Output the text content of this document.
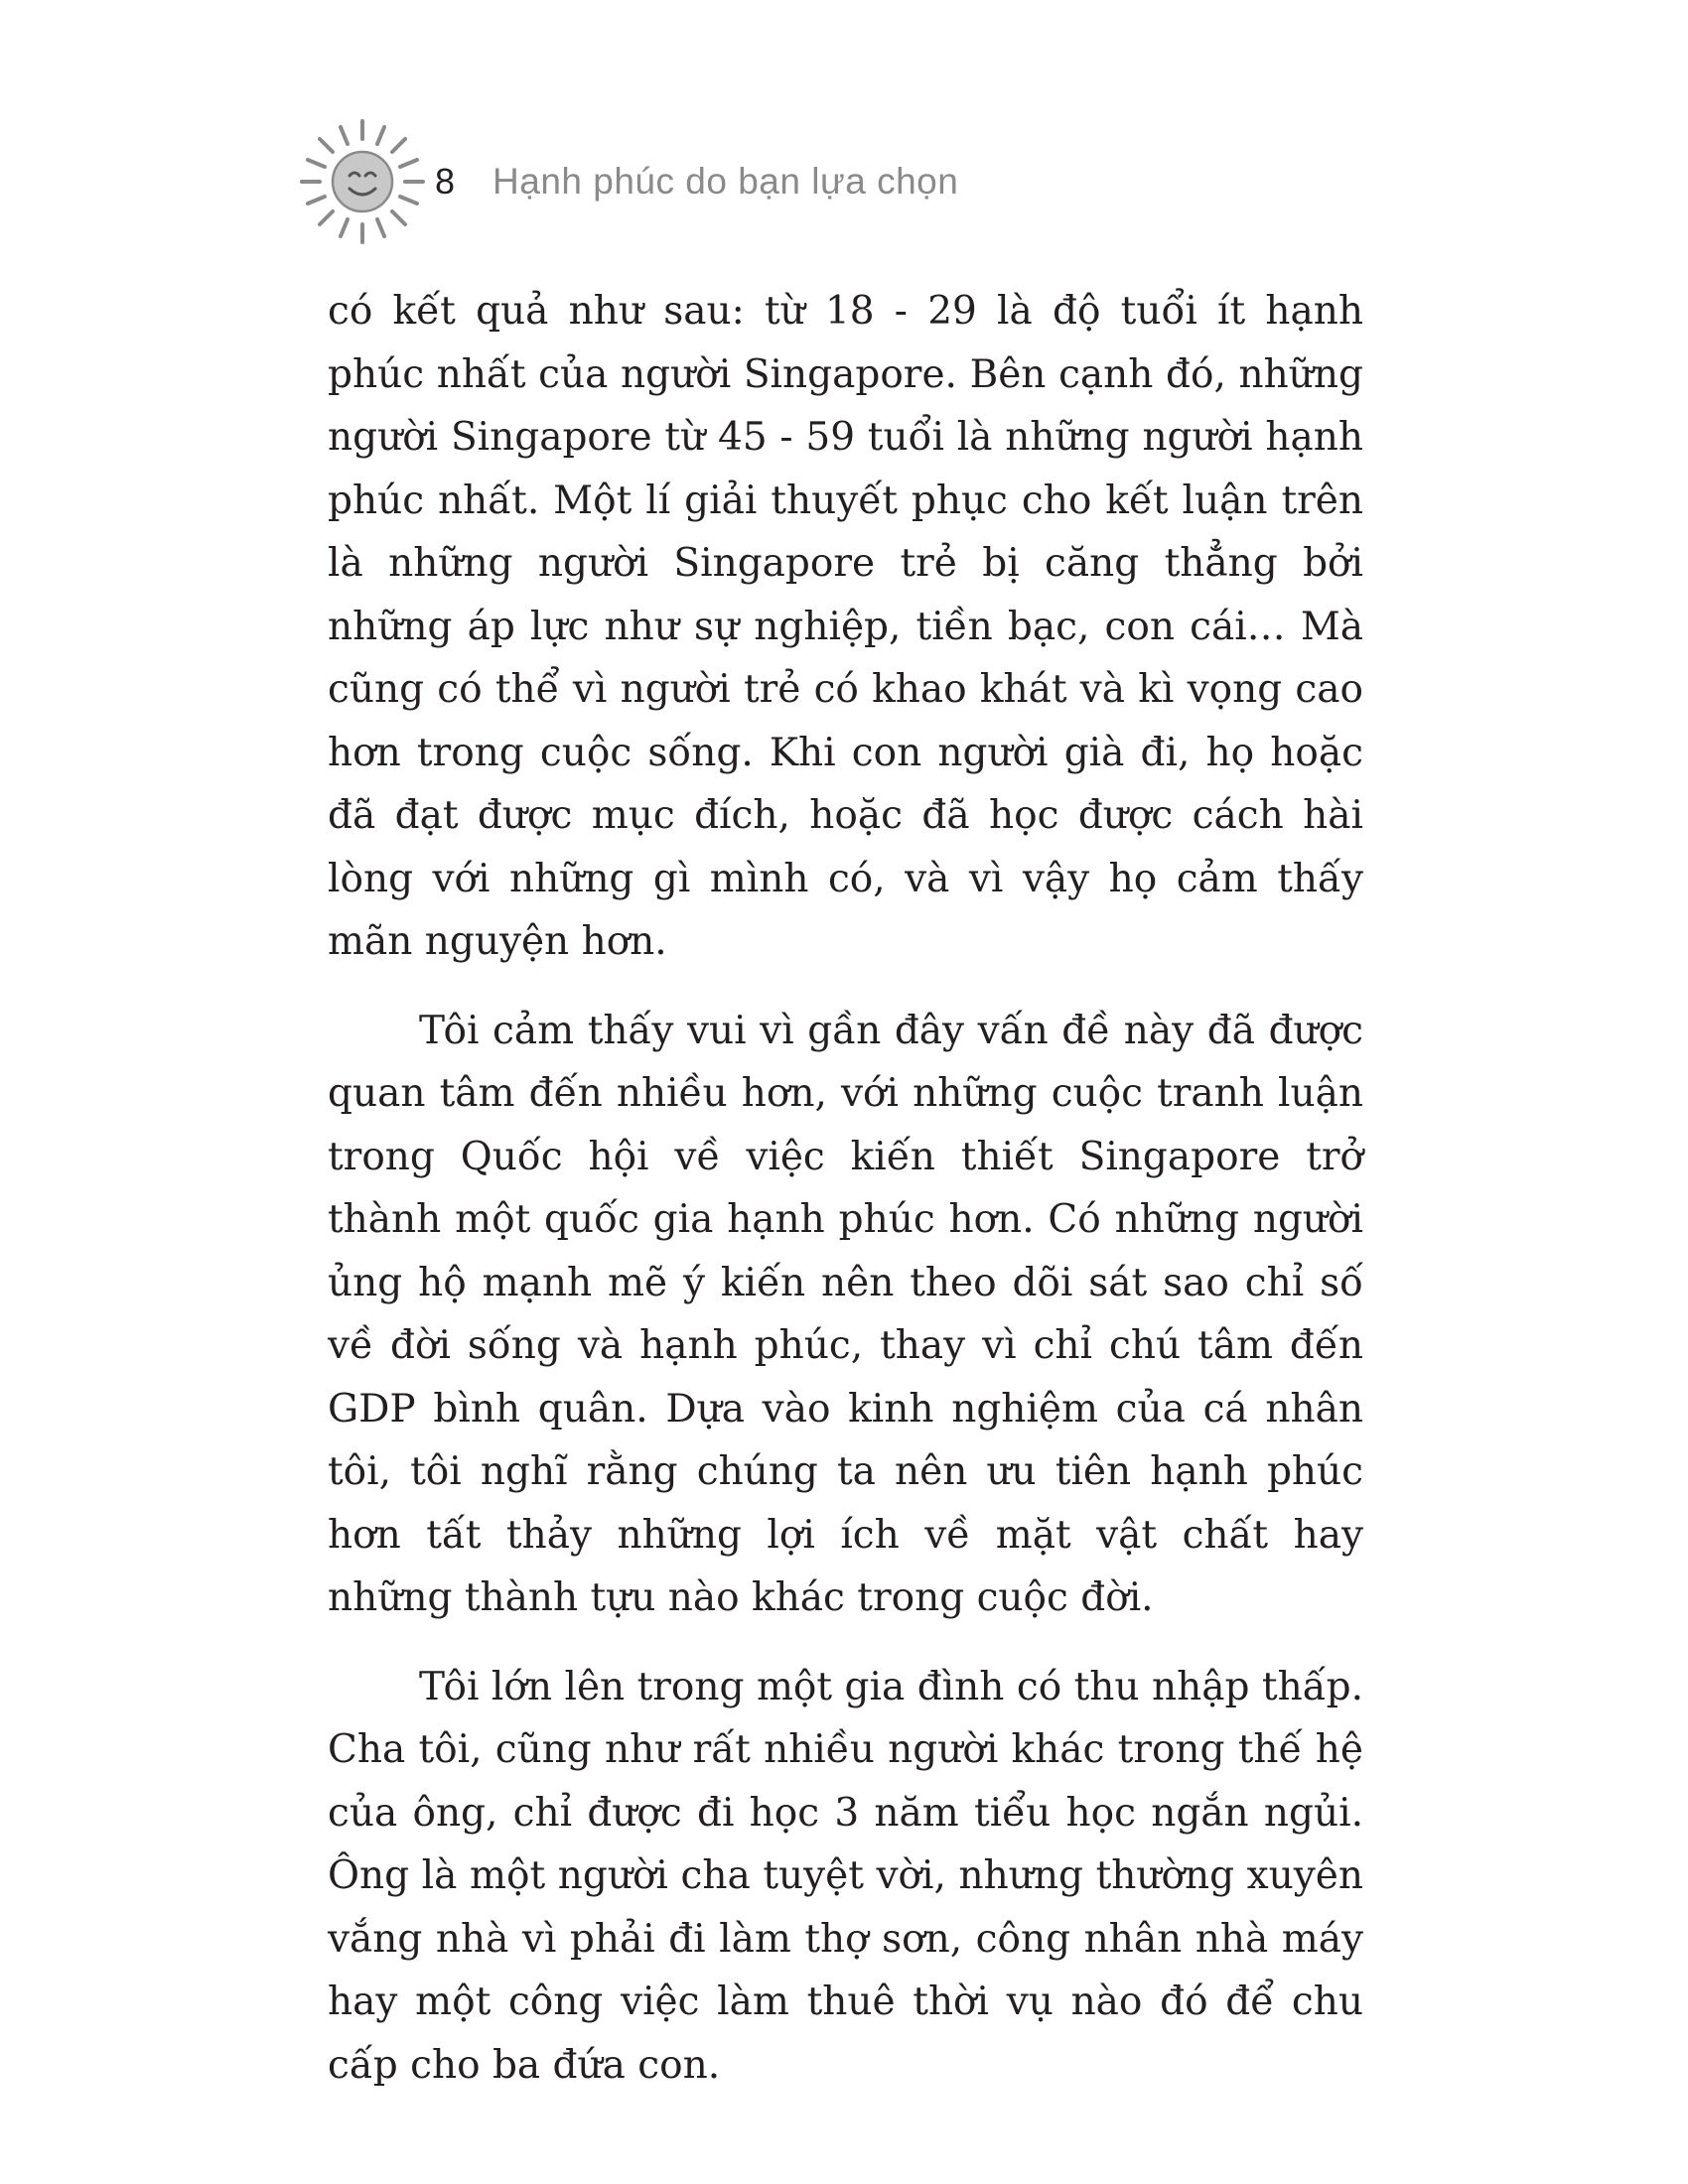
8 Hạnh phúc do bạn lựa chọn

có kết quả như sau: từ 18 - 29 là độ tuổi ít hạnh phúc nhất của người Singapore. Bên cạnh đó, những người Singapore từ 45 - 59 tuổi là những người hạnh phúc nhất. Một lí giải thuyết phục cho kết luận trên là những người Singapore trẻ bị căng thẳng bởi những áp lực như sự nghiệp, tiền bạc, con cái… Mà cũng có thể vì người trẻ có khao khát và kì vọng cao hơn trong cuộc sống. Khi con người già đi, họ hoặc đã đạt được mục đích, hoặc đã học được cách hài lòng với những gì mình có, và vì vậy họ cảm thấy mãn nguyện hơn.

Tôi cảm thấy vui vì gần đây vấn đề này đã được quan tâm đến nhiều hơn, với những cuộc tranh luận trong Quốc hội về việc kiến thiết Singapore trở thành một quốc gia hạnh phúc hơn. Có những người ủng hộ mạnh mẽ ý kiến nên theo dõi sát sao chỉ số về đời sống và hạnh phúc, thay vì chỉ chú tâm đến GDP bình quân. Dựa vào kinh nghiệm của cá nhân tôi, tôi nghĩ rằng chúng ta nên ưu tiên hạnh phúc hơn tất thảy những lợi ích về mặt vật chất hay những thành tựu nào khác trong cuộc đời.

Tôi lớn lên trong một gia đình có thu nhập thấp. Cha tôi, cũng như rất nhiều người khác trong thế hệ của ông, chỉ được đi học 3 năm tiểu học ngắn ngủi. Ông là một người cha tuyệt vời, nhưng thường xuyên vắng nhà vì phải đi làm thợ sơn, công nhân nhà máy hay một công việc làm thuê thời vụ nào đó để chu cấp cho ba đứa con.
